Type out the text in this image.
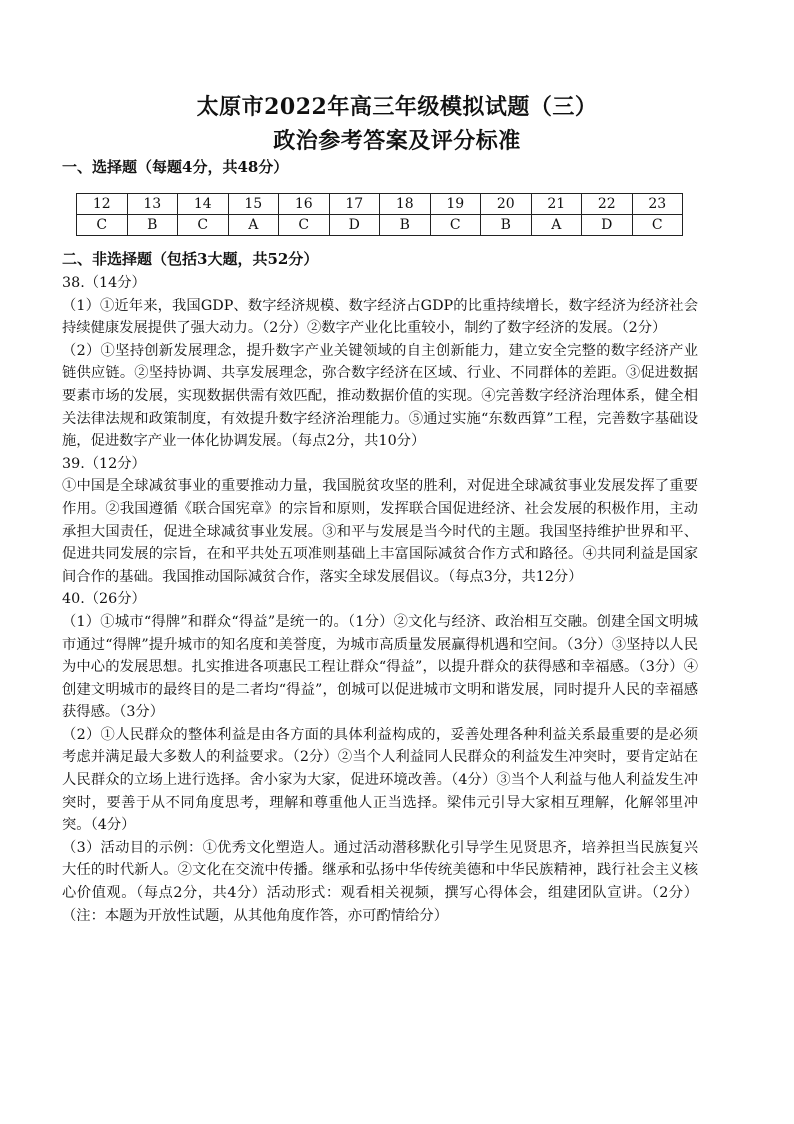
太原市2022年高三年级模拟试题（三）
政治参考答案及评分标准
一、选择题（每题4分，共48分）
12	13	14	15	16	17	18	19	20	21	22	23
C	B	C	A	C	D	B	C	B	A	D	C
二、非选择题（包括3大题，共52分）
38.（14分）

（1）①近年来，我国GDP、数字经济规模、数字经济占GDP的比重持续增长，数字经济为经济社会持续健康发展提供了强大动力。（2分）②数字产业化比重较小，制约了数字经济的发展。（2分）

（2）①坚持创新发展理念，提升数字产业关键领域的自主创新能力，建立安全完整的数字经济产业链供应链。②坚持协调、共享发展理念，弥合数字经济在区域、行业、不同群体的差距。③促进数据要素市场的发展，实现数据供需有效匹配，推动数据价值的实现。④完善数字经济治理体系，健全相关法律法规和政策制度，有效提升数字经济治理能力。⑤通过实施“东数西算”工程，完善数字基础设施，促进数字产业一体化协调发展。（每点2分，共10分）

39.（12分）

①中国是全球减贫事业的重要推动力量，我国脱贫攻坚的胜利，对促进全球减贫事业发展发挥了重要作用。②我国遵循《联合国宪章》的宗旨和原则，发挥联合国促进经济、社会发展的积极作用，主动承担大国责任，促进全球减贫事业发展。③和平与发展是当今时代的主题。我国坚持维护世界和平、促进共同发展的宗旨，在和平共处五项准则基础上丰富国际减贫合作方式和路径。④共同利益是国家间合作的基础。我国推动国际减贫合作，落实全球发展倡议。（每点3分，共12分）

40.（26分）

（1）①城市“得牌”和群众“得益”是统一的。（1分）②文化与经济、政治相互交融。创建全国文明城市通过“得牌”提升城市的知名度和美誉度，为城市高质量发展赢得机遇和空间。（3分）③坚持以人民为中心的发展思想。扎实推进各项惠民工程让群众“得益”，以提升群众的获得感和幸福感。（3分）④创建文明城市的最终目的是二者均“得益”，创城可以促进城市文明和谐发展，同时提升人民的幸福感获得感。（3分）

（2）①人民群众的整体利益是由各方面的具体利益构成的，妥善处理各种利益关系最重要的是必须考虑并满足最大多数人的利益要求。（2分）②当个人利益同人民群众的利益发生冲突时，要肯定站在人民群众的立场上进行选择。舍小家为大家，促进环境改善。（4分）③当个人利益与他人利益发生冲突时，要善于从不同角度思考，理解和尊重他人正当选择。梁伟元引导大家相互理解，化解邻里冲突。（4分）

（3）活动目的示例：①优秀文化塑造人。通过活动潜移默化引导学生见贤思齐，培养担当民族复兴大任的时代新人。②文化在交流中传播。继承和弘扬中华传统美德和中华民族精神，践行社会主义核心价值观。（每点2分，共4分）活动形式：观看相关视频，撰写心得体会，组建团队宣讲。（2分）（注：本题为开放性试题，从其他角度作答，亦可酌情给分）
